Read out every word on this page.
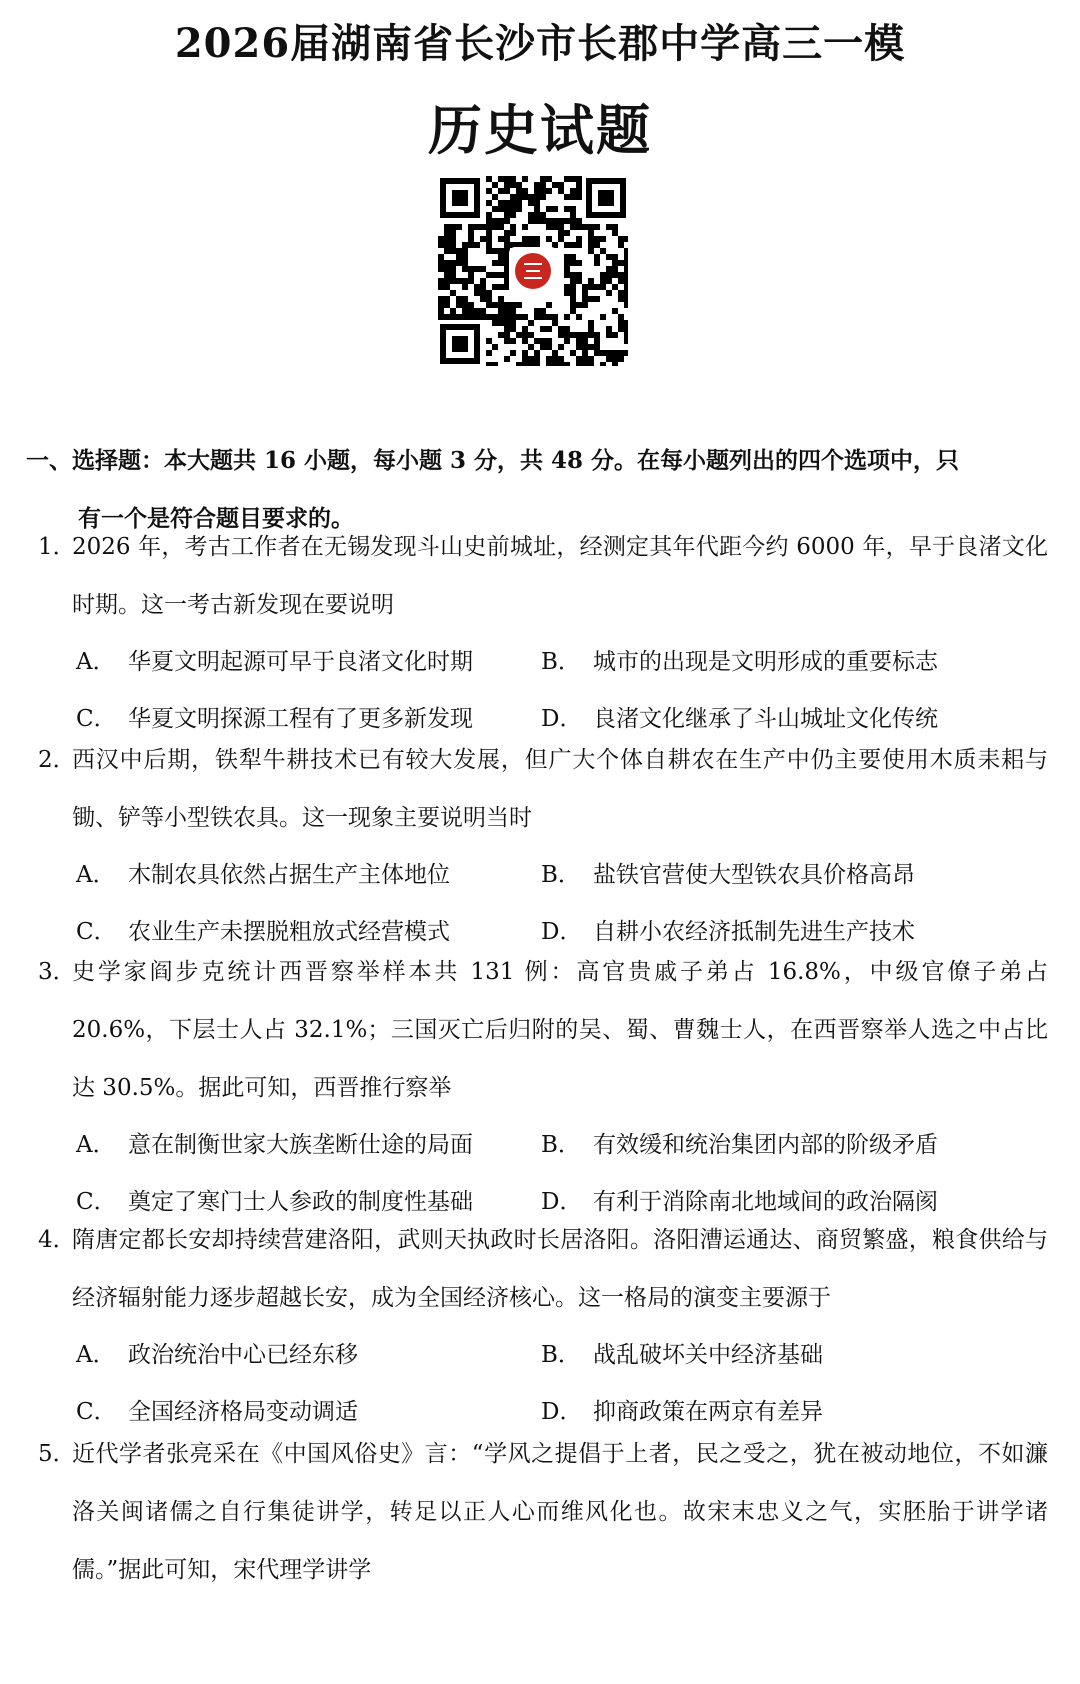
2026届湖南省长沙市长郡中学高三一模
历史试题
一、选择题：本大题共 16 小题，每小题 3 分，共 48 分。在每小题列出的四个选项中，只
有一个是符合题目要求的。
1．
2026 年，考古工作者在无锡发现斗山史前城址，经测定其年代距今约 6000 年，早于良渚文化时期。这一考古新发现在要说明
A． 华夏文明起源可早于良渚文化时期	B． 城市的出现是文明形成的重要标志
C． 华夏文明探源工程有了更多新发现	D． 良渚文化继承了斗山城址文化传统
2．
西汉中后期，铁犁牛耕技术已有较大发展，但广大个体自耕农在生产中仍主要使用木质耒耜与锄、铲等小型铁农具。这一现象主要说明当时
A． 木制农具依然占据生产主体地位	B． 盐铁官营使大型铁农具价格高昂
C． 农业生产未摆脱粗放式经营模式	D． 自耕小农经济抵制先进生产技术
3．
史学家阎步克统计西晋察举样本共 131 例：高官贵戚子弟占 16.8%，中级官僚子弟占 20.6%，下层士人占 32.1%；三国灭亡后归附的吴、蜀、曹魏士人，在西晋察举人选之中占比达 30.5%。据此可知，西晋推行察举
A． 意在制衡世家大族垄断仕途的局面	B． 有效缓和统治集团内部的阶级矛盾
C． 奠定了寒门士人参政的制度性基础	D． 有利于消除南北地域间的政治隔阂
4．
隋唐定都长安却持续营建洛阳，武则天执政时长居洛阳。洛阳漕运通达、商贸繁盛，粮食供给与经济辐射能力逐步超越长安，成为全国经济核心。这一格局的演变主要源于
A． 政治统治中心已经东移	B． 战乱破坏关中经济基础
C． 全国经济格局变动调适	D． 抑商政策在两京有差异
5．
近代学者张亮采在《中国风俗史》言：“学风之提倡于上者，民之受之，犹在被动地位，不如濂洛关闽诸儒之自行集徒讲学，转足以正人心而维风化也。故宋末忠义之气，实胚胎于讲学诸儒。”据此可知，宋代理学讲学
